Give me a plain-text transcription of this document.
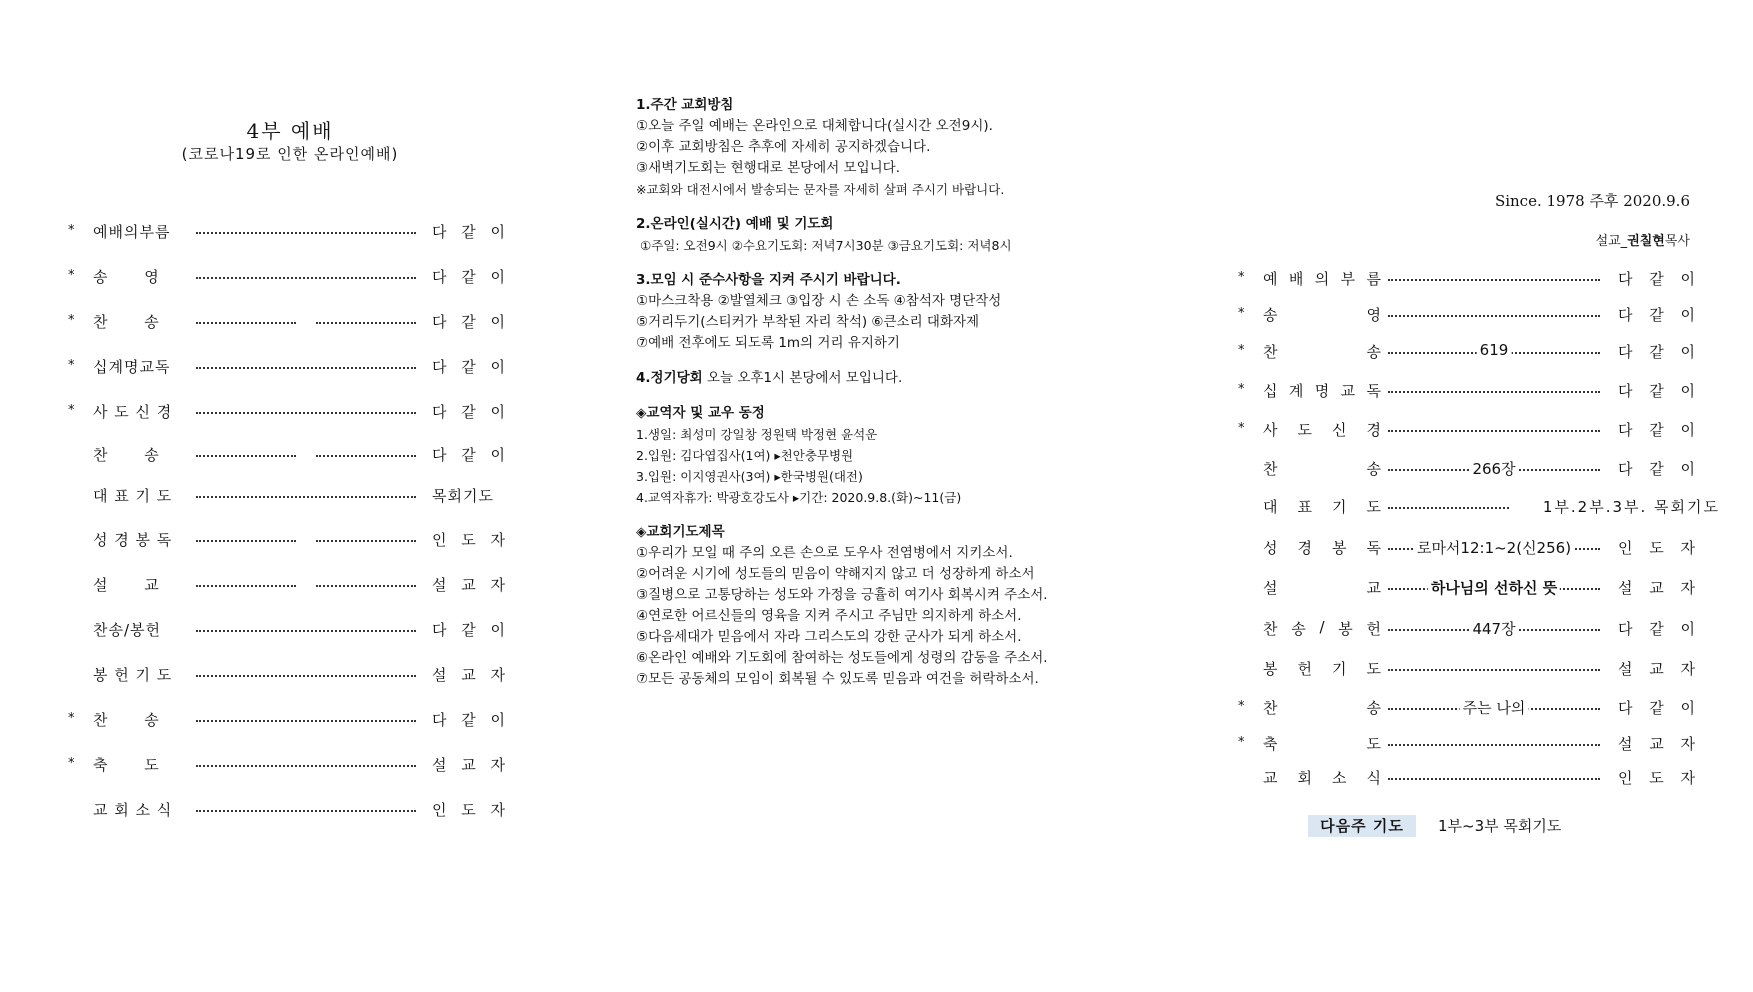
4부 예배
(코로나19로 인한 온라인예배)
*	예배의부름	다 같 이
*	송 영	다 같 이
*	찬 송	다 같 이
*	십계명교독	다 같 이
*	사 도 신 경	다 같 이
찬 송	다 같 이
대 표 기 도	목회기도
성 경 봉 독	인 도 자
설 교	설 교 자
찬송/봉헌	다 같 이
봉 헌 기 도	설 교 자
*	찬 송	다 같 이
*	축 도	설 교 자
교 회 소 식	인 도 자

1.주간 교회방침

①오늘 주일 예배는 온라인으로 대체합니다(실시간 오전9시).

②이후 교회방침은 추후에 자세히 공지하겠습니다.

③새벽기도회는 현행대로 본당에서 모입니다.

※교회와 대전시에서 발송되는 문자를 자세히 살펴 주시기 바랍니다.

2.온라인(실시간) 예배 및 기도회

①주일: 오전9시 ②수요기도회: 저녁7시30분 ③금요기도회: 저녁8시

3.모임 시 준수사항을 지켜 주시기 바랍니다.

①마스크착용 ②발열체크 ③입장 시 손 소독 ④참석자 명단작성

⑤거리두기(스티커가 부착된 자리 착석) ⑥큰소리 대화자제

⑦예배 전후에도 되도록 1m의 거리 유지하기

4.정기당회 오늘 오후1시 본당에서 모입니다.

◈교역자 및 교우 동정

1.생일: 최성미 강일창 정원택 박정현 윤석운

2.입원: 김다엽집사(1여) ▸천안충무병원

3.입원: 이지영권사(3여) ▸한국병원(대전)

4.교역자휴가: 박광호강도사 ▸기간: 2020.9.8.(화)~11(금)

◈교회기도제목

①우리가 모일 때 주의 오른 손으로 도우사 전염병에서 지키소서.

②어려운 시기에 성도들의 믿음이 약해지지 않고 더 성장하게 하소서

③질병으로 고통당하는 성도와 가정을 긍휼히 여기사 회복시켜 주소서.

④연로한 어르신들의 영육을 지켜 주시고 주님만 의지하게 하소서.

⑤다음세대가 믿음에서 자라 그리스도의 강한 군사가 되게 하소서.

⑥온라인 예배와 기도회에 참여하는 성도들에게 성령의 감동을 주소서.

⑦모든 공동체의 모임이 회복될 수 있도록 믿음과 여건을 허락하소서.

Since. 1978 주후 2020.9.6
설교_권칠현목사
*	예 배 의 부 름	다 같 이
*	송	영	다 같 이
*	찬	송	619	다 같 이
*	십 계 명 교 독	다 같 이
*	사 도 신 경	다 같 이
찬	송	266장	다 같 이
대 표 기 도	1부.2부.3부. 목회기도
성 경 봉 독 로마서12:1~2(신256)	인 도 자
설	교	하나님의 선하신 뜻	설 교 자
찬 송 / 봉 헌	447장	다 같 이
봉 헌 기 도	설 교 자
*	찬	송	주는 나의	다 같 이
*	축	도	설 교 자
교 회 소 식	인 도 자
다음주 기도	1부~3부 목회기도
